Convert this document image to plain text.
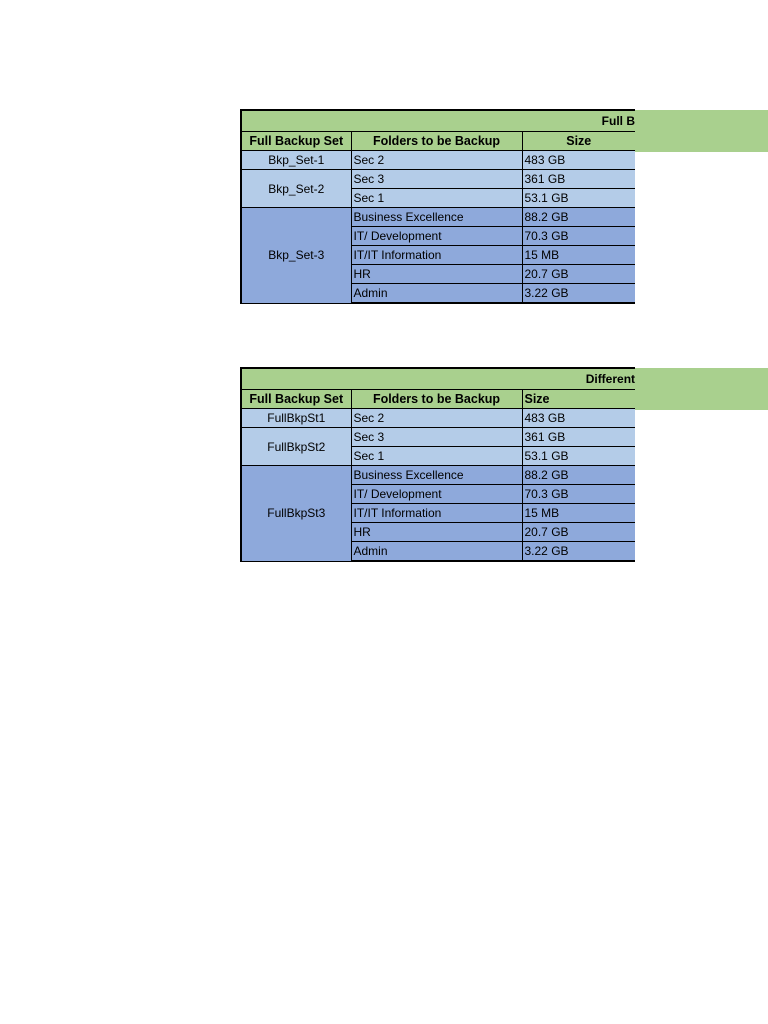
Full B		
Full Backup Set	Folders to be Backup	Size
Bkp_Set-1	Sec 2	483 GB
Bkp_Set-2	Sec 3	361 GB
	Sec 1	53.1 GB
Bkp_Set-3	Business Excellence	88.2 GB
	IT/ Development	70.3 GB
	IT/IT Information	15 MB
	HR	20.7 GB
	Admin	3.22 GB
Different		
Full Backup Set	Folders to be Backup	Size
FullBkpSt1	Sec 2	483 GB
FullBkpSt2	Sec 3	361 GB
	Sec 1	53.1 GB
FullBkpSt3	Business Excellence	88.2 GB
	IT/ Development	70.3 GB
	IT/IT Information	15 MB
	HR	20.7 GB
	Admin	3.22 GB
